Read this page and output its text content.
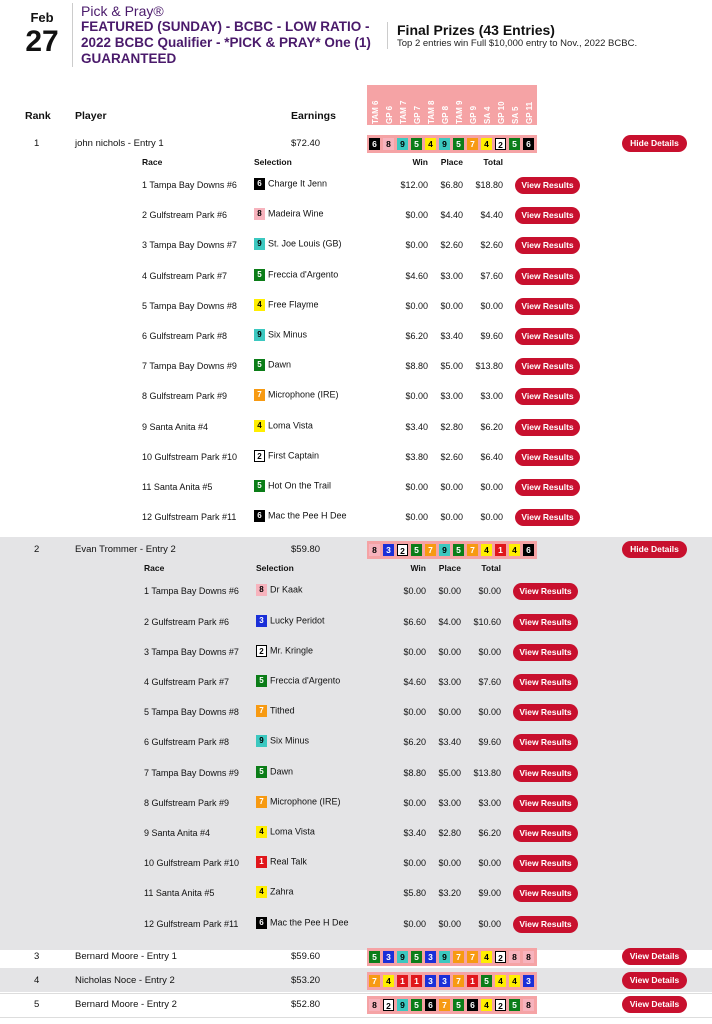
Feb
27
Pick & Pray®
FEATURED (SUNDAY) - BCBC - LOW RATIO - 2022 BCBC Qualifier - *PICK & PRAY* One (1) GUARANTEED
Final Prizes (43 Entries)
Top 2 entries win Full $10,000 entry to Nov., 2022 BCBC.
Rank Player	Earnings	TAM 6 GP 6 TAM 7 GP 7 TAM 8 GP 8 TAM 9 GP 9 SA 4 GP 10 SA 5 GP 11
1	john nichols - Entry 1	$72.40	6	8	9	5	4	9	5	7	4	2	5	6	Hide Details
Race	Selection	Win	Place	Total
1 Tampa Bay Downs #6	6 Charge It Jenn	$12.00	$6.80	$18.80	View Results
2 Gulfstream Park #6	8 Madeira Wine	$0.00	$4.40	$4.40	View Results
3 Tampa Bay Downs #7	9 St. Joe Louis (GB)	$0.00	$2.60	$2.60	View Results
4 Gulfstream Park #7	5 Freccia d'Argento	$4.60	$3.00	$7.60	View Results
5 Tampa Bay Downs #8	4 Free Flayme	$0.00	$0.00	$0.00	View Results
6 Gulfstream Park #8	9 Six Minus	$6.20	$3.40	$9.60	View Results
7 Tampa Bay Downs #9	5 Dawn	$8.80	$5.00	$13.80	View Results
8 Gulfstream Park #9	7 Microphone (IRE)	$0.00	$3.00	$3.00	View Results
9 Santa Anita #4	4 Loma Vista	$3.40	$2.80	$6.20	View Results
10 Gulfstream Park #10	2 First Captain	$3.80	$2.60	$6.40	View Results
11 Santa Anita #5	5 Hot On the Trail	$0.00	$0.00	$0.00	View Results
12 Gulfstream Park #11	6 Mac the Pee H Dee	$0.00	$0.00	$0.00	View Results
2	Evan Trommer - Entry 2	$59.80	8	3	2	5	7	9	5	7	4	1	4	6	Hide Details
Race	Selection	Win	Place	Total
1 Tampa Bay Downs #6	8 Dr Kaak	$0.00	$0.00	$0.00	View Results
2 Gulfstream Park #6	3 Lucky Peridot	$6.60	$4.00	$10.60	View Results
3 Tampa Bay Downs #7	2 Mr. Kringle	$0.00	$0.00	$0.00	View Results
4 Gulfstream Park #7	5 Freccia d'Argento	$4.60	$3.00	$7.60	View Results
5 Tampa Bay Downs #8	7 Tithed	$0.00	$0.00	$0.00	View Results
6 Gulfstream Park #8	9 Six Minus	$6.20	$3.40	$9.60	View Results
7 Tampa Bay Downs #9	5 Dawn	$8.80	$5.00	$13.80	View Results
8 Gulfstream Park #9	7 Microphone (IRE)	$0.00	$3.00	$3.00	View Results
9 Santa Anita #4	4 Loma Vista	$3.40	$2.80	$6.20	View Results
10 Gulfstream Park #10	1 Real Talk	$0.00	$0.00	$0.00	View Results
11 Santa Anita #5	4 Zahra	$5.80	$3.20	$9.00	View Results
12 Gulfstream Park #11	6 Mac the Pee H Dee	$0.00	$0.00	$0.00	View Results
3	Bernard Moore - Entry 1	$59.60	5	3	9	5	3	9	7	7	4	2	8	8	View Details
4	Nicholas Noce - Entry 2	$53.20	7	4	1	1	3	3	7	1	5	4	4	3	View Details
5	Bernard Moore - Entry 2	$52.80	8	2	9	5	6	7	5	6	4	2	5	8	View Details
